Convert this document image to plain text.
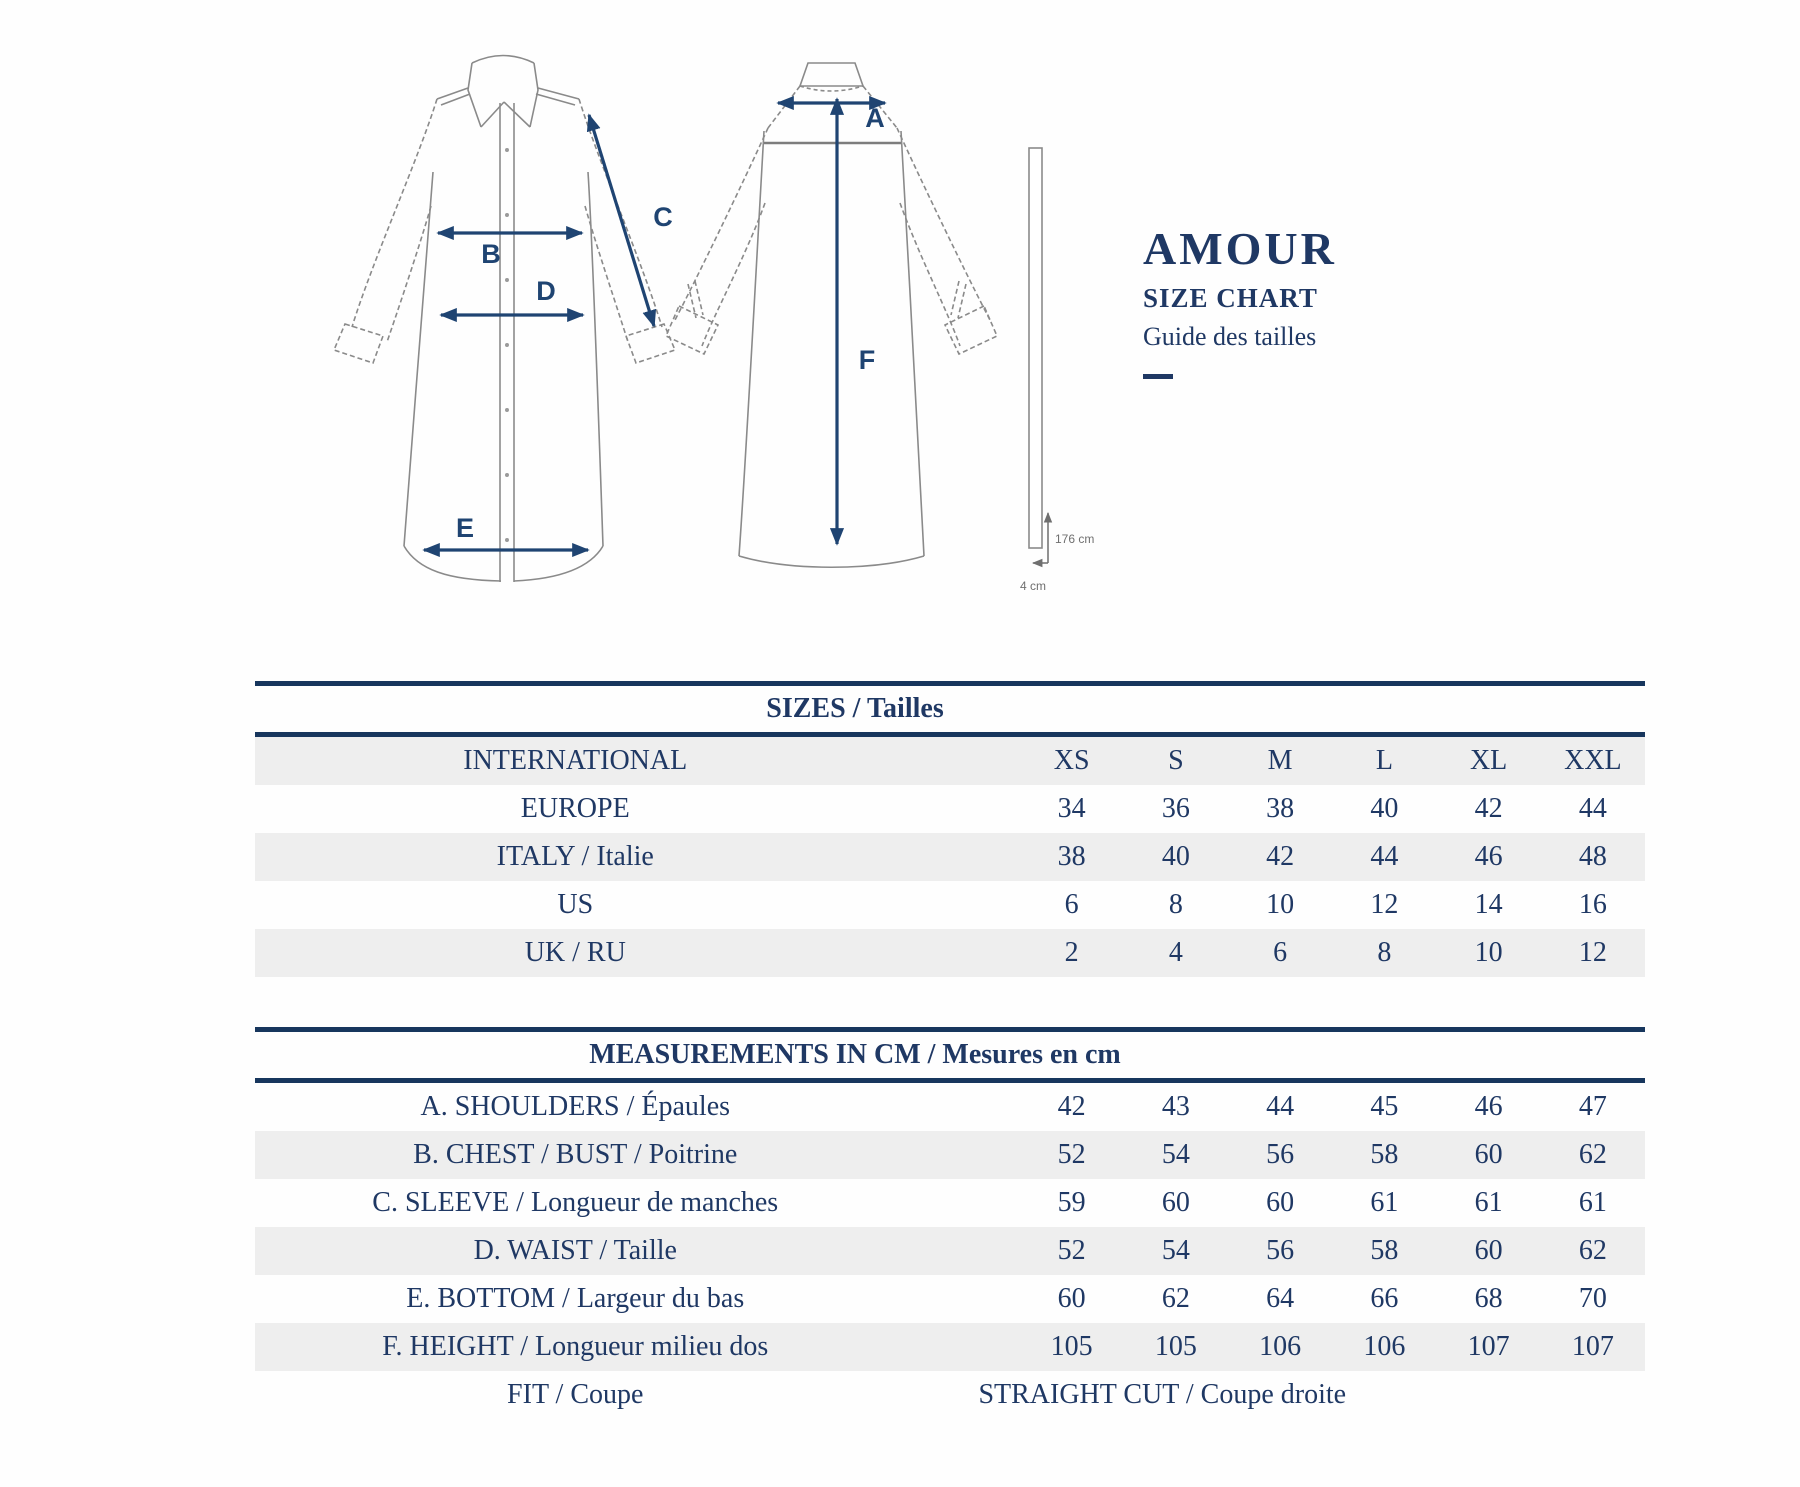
B
D
C
E
A
F
176 cm
4 cm
AMOUR
SIZE CHART
Guide des tailles
SIZES / Tailles
INTERNATIONAL	XS	S	M	L	XL	XXL
EUROPE	34	36	38	40	42	44
ITALY / Italie	38	40	42	44	46	48
US	6	8	10	12	14	16
UK / RU	2	4	6	8	10	12
MEASUREMENTS IN CM / Mesures en cm
A. SHOULDERS / Épaules	42	43	44	45	46	47
B. CHEST / BUST / Poitrine	52	54	56	58	60	62
C. SLEEVE / Longueur de manches	59	60	60	61	61	61
D. WAIST / Taille	52	54	56	58	60	62
E. BOTTOM / Largeur du bas	60	62	64	66	68	70
F. HEIGHT / Longueur milieu dos	105	105	106	106	107	107
FIT / Coupe	STRAIGHT CUT / Coupe droite
